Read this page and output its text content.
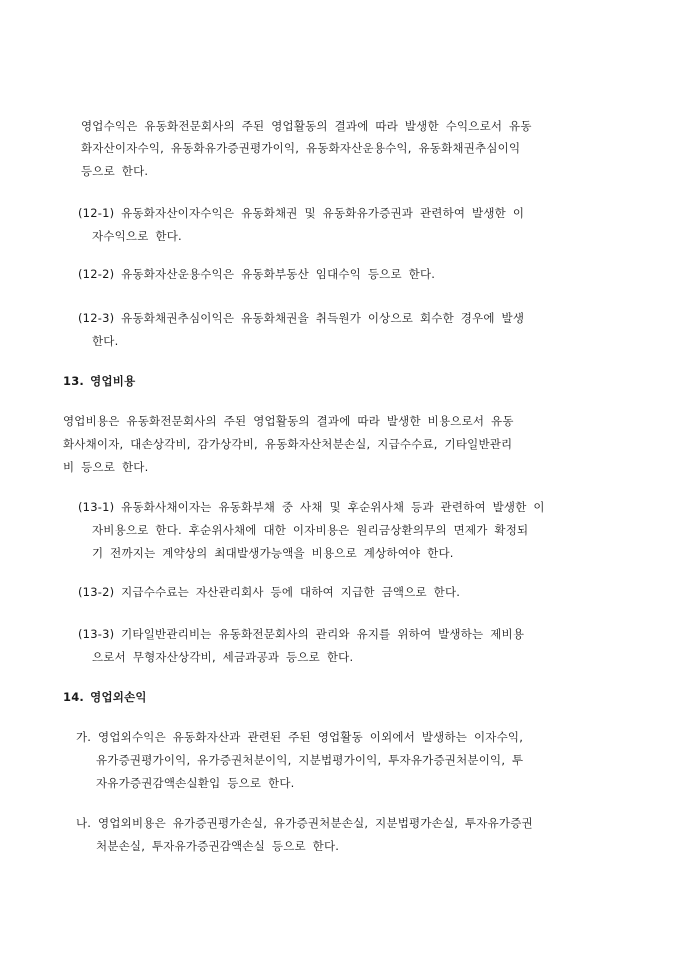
영업수익은 유동화전문회사의 주된 영업활동의 결과에 따라 발생한 수익으로서 유동
화자산이자수익, 유동화유가증권평가이익, 유동화자산운용수익, 유동화채권추심이익
등으로 한다.
(12-1) 유동화자산이자수익은 유동화채권 및 유동화유가증권과 관련하여 발생한 이
자수익으로 한다.
(12-2) 유동화자산운용수익은 유동화부동산 임대수익 등으로 한다.
(12-3) 유동화채권추심이익은 유동화채권을 취득원가 이상으로 회수한 경우에 발생
한다.
13. 영업비용
영업비용은 유동화전문회사의 주된 영업활동의 결과에 따라 발생한 비용으로서 유동
화사채이자, 대손상각비, 감가상각비, 유동화자산처분손실, 지급수수료, 기타일반관리
비 등으로 한다.
(13-1) 유동화사채이자는 유동화부채 중 사채 및 후순위사채 등과 관련하여 발생한 이
자비용으로 한다. 후순위사채에 대한 이자비용은 원리금상환의무의 면제가 확정되
기 전까지는 계약상의 최대발생가능액을 비용으로 계상하여야 한다.
(13-2) 지급수수료는 자산관리회사 등에 대하여 지급한 금액으로 한다.
(13-3) 기타일반관리비는 유동화전문회사의 관리와 유지를 위하여 발생하는 제비용
으로서 무형자산상각비, 세금과공과 등으로 한다.
14. 영업외손익
가. 영업외수익은 유동화자산과 관련된 주된 영업활동 이외에서 발생하는 이자수익,
유가증권평가이익, 유가증권처분이익, 지분법평가이익, 투자유가증권처분이익, 투
자유가증권감액손실환입 등으로 한다.
나. 영업외비용은 유가증권평가손실, 유가증권처분손실, 지분법평가손실, 투자유가증권
처분손실, 투자유가증권감액손실 등으로 한다.
